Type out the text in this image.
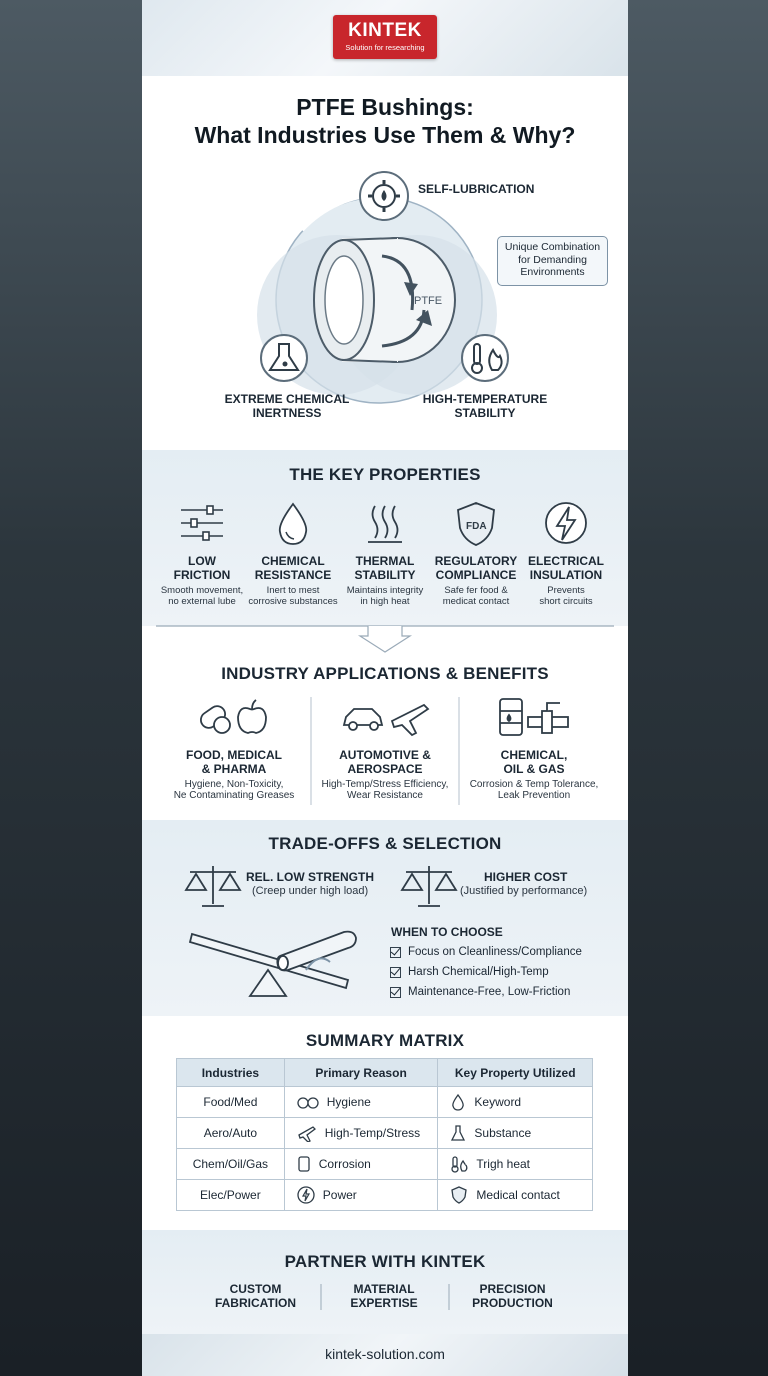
KINTEK
Solution for researching
PTFE Bushings:
What Industries Use Them & Why?
PTFE
SELF-LUBRICATION
EXTREME CHEMICAL
INERTNESS
HIGH-TEMPERATURE
STABILITY
Unique Combination
for Demanding
Environments
THE KEY PROPERTIES
LOW
FRICTION
Smooth movement,
no external lube
CHEMICAL
RESISTANCE
Inert to mest
corrosive substances
THERMAL
STABILITY
Maintains integrity
in high heat
FDA
REGULATORY
COMPLIANCE
Safe fer food &
medicat contact
ELECTRICAL
INSULATION
Prevents
short circuits
INDUSTRY APPLICATIONS & BENEFITS
FOOD, MEDICAL
& PHARMA
Hygiene, Non-Toxicity,
Ne Contaminating Greases
AUTOMOTIVE &
AEROSPACE
High-Temp/Stress Efficiency,
Wear Resistance
CHEMICAL,
OIL & GAS
Corrosion & Temp Tolerance,
Leak Prevention
TRADE-OFFS & SELECTION
REL. LOW STRENGTH
(Creep under high load)
HIGHER COST
(Justified by performance)
WHEN TO CHOOSE
Focus on Cleanliness/Compliance
Harsh Chemical/High-Temp
Maintenance-Free, Low-Friction
SUMMARY MATRIX
Industries	Primary Reason	Key Property Utilized
Food/Med	Hygiene	Keyword

Aero/Auto	High-Temp/Stress	Substance

Chem/Oil/Gas	Corrosion	Trigh heat

Elec/Power	Power	Medical contact
PARTNER WITH KINTEK
CUSTOM
FABRICATION
MATERIAL
EXPERTISE
PRECISION
PRODUCTION
kintek-solution.com
